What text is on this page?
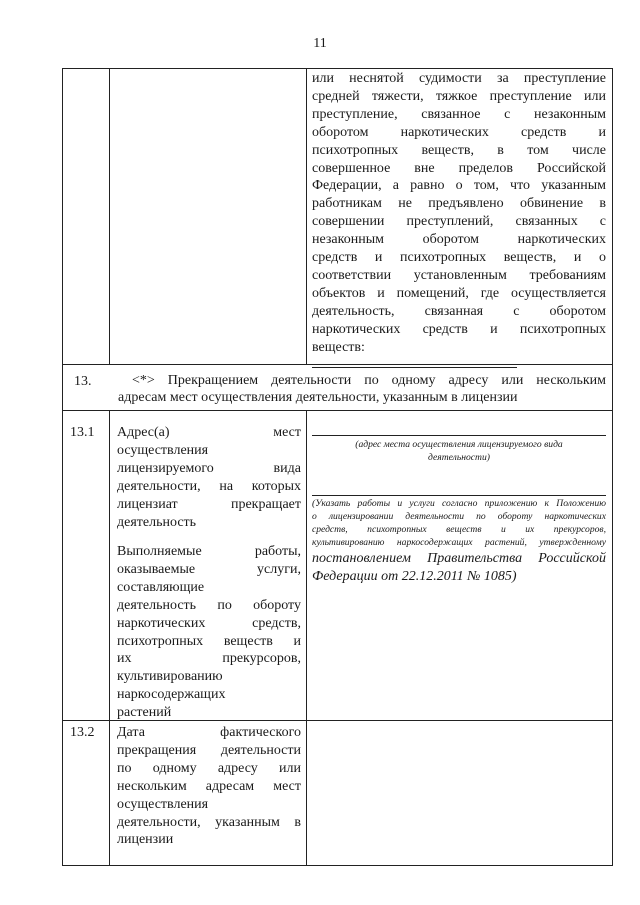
11
или неснятой судимости за преступление
средней тяжести, тяжкое преступление или
преступление, связанное с незаконным
оборотом наркотических средств и
психотропных веществ, в том числе
совершенное вне пределов Российской
Федерации, а равно о том, что указанным
работникам не предъявлено обвинение в
совершении преступлений, связанных с
незаконным оборотом наркотических
средств и психотропных веществ, и о
соответствии установленным требованиям
объектов и помещений, где осуществляется
деятельность, связанная с оборотом
наркотических средств и психотропных
веществ:
13.	<*> Прекращением деятельности по одному адресу или нескольким
адресам мест осуществления деятельности, указанным в лицензии
13.1 Адрес(а) мест
осуществления
лицензируемого вида
деятельности, на которых
лицензиат прекращает
деятельность
Выполняемые работы,
оказываемые услуги,
составляющие
деятельность по обороту
наркотических средств,
психотропных веществ и
их прекурсоров,
культивированию
наркосодержащих
растений
(адрес места осуществления лицензируемого вида
деятельности)
(Указать работы и услуги согласно приложению к Положению
о лицензировании деятельности по обороту наркотических
средств, психотропных веществ и их прекурсоров,
культивированию наркосодержащих растений, утвержденному
постановлением Правительства Российской
Федерации от 22.12.2011 № 1085)
13.2 Дата фактического
прекращения деятельности
по одному адресу или
нескольким адресам мест
осуществления
деятельности, указанным в
лицензии
